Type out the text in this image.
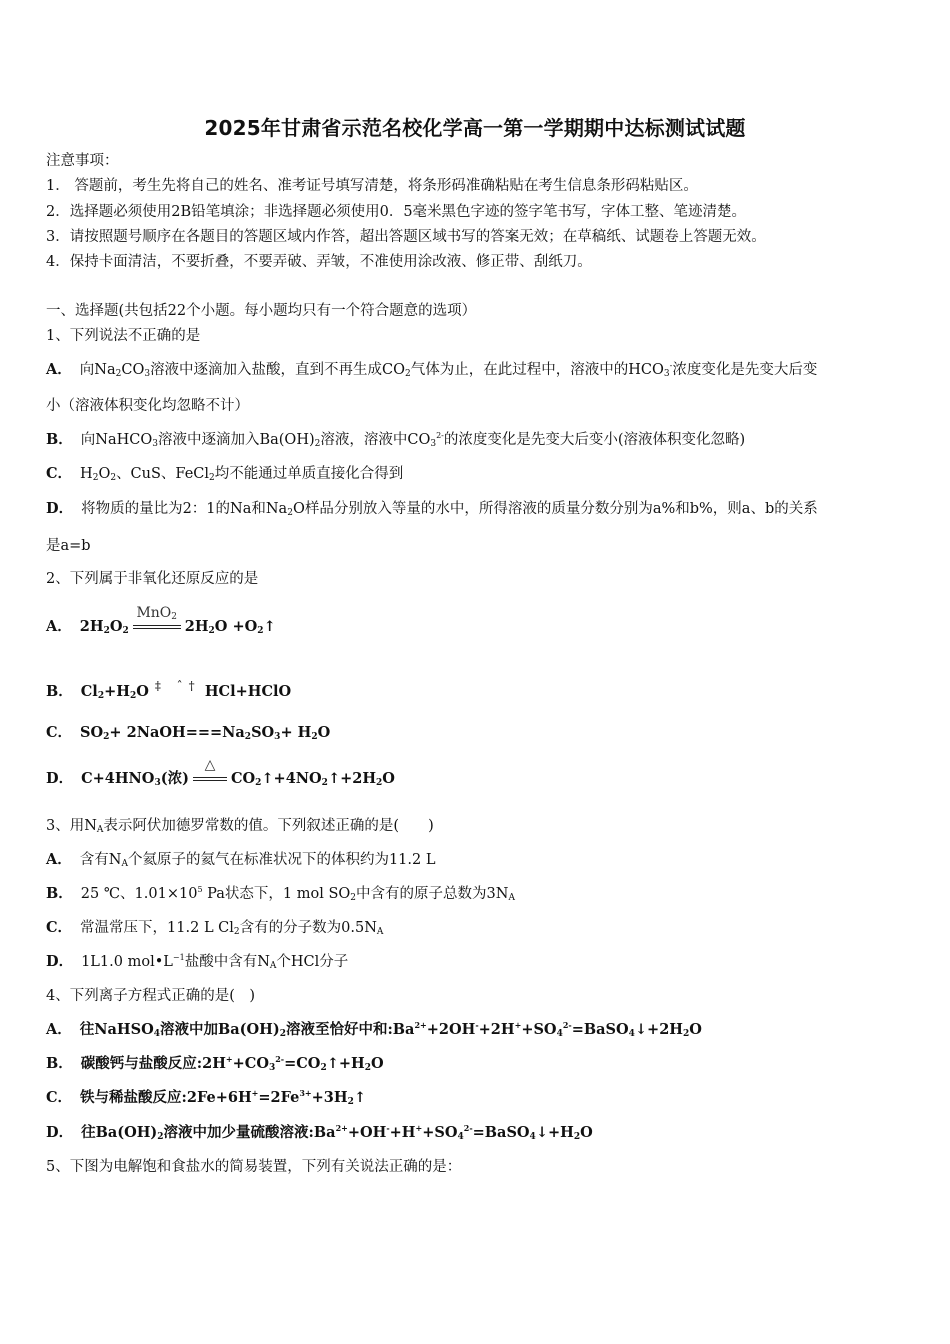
2025年甘肃省示范名校化学高一第一学期期中达标测试试题
注意事项：
1． 答题前，考生先将自己的姓名、准考证号填写清楚，将条形码准确粘贴在考生信息条形码粘贴区。
2．选择题必须使用2B铅笔填涂；非选择题必须使用0．5毫米黑色字迹的签字笔书写，字体工整、笔迹清楚。
3．请按照题号顺序在各题目的答题区域内作答，超出答题区域书写的答案无效；在草稿纸、试题卷上答题无效。
4．保持卡面清洁，不要折叠，不要弄破、弄皱，不准使用涂改液、修正带、刮纸刀。
一、选择题(共包括22个小题。每小题均只有一个符合题意的选项）
1、下列说法不正确的是
A． 向$Na_2CO_3$溶液中逐滴加入盐酸，直到不再生成$CO_2$气体为止，在此过程中，溶液中的$HCO_3^-$浓度变化是先变大后变
小（溶液体积变化均忽略不计）
B． 向NaHCO$_3$溶液中逐滴加入$Ba(OH)_2$溶液，溶液中$CO_3^{2-}$的浓度变化是先变大后变小(溶液体积变化忽略)
C． $H_2O_2$、CuS、FeCl$_2$均不能通过单质直接化合得到
D． 将物质的量比为2：1的Na和$Na_2O$样品分别放入等量的水中，所得溶液的质量分数分别为a%和b%，则a、b的关系
是a=b
2、下列属于非氧化还原反应的是
A． $2H_2O_2$
MnO$_2$
$2H_2O$ $+O_2↑$
B． $Cl_2+H_2O$ ‡ ˆ† HCl+HClO
C． $SO_2+$ $2NaOH===Na_2SO_3+ H_2O$
D． $C+4HNO_3$(浓)
△
$CO_2↑+4NO_2↑+2H_2O$
3、用$N_A$表示阿伏加德罗常数的值。下列叙述正确的是(　　)
A． 含有$N_A$个氦原子的氦气在标准状况下的体积约为11.2 L
B． 25 ℃、$1.01\times 10^5$ Pa状态下，1 mol $SO_2$中含有的原子总数为$3N_A$
C． 常温常压下，11.2 L $Cl_2$含有的分子数为$0.5N_A$
D． 1L1.0 $mol•L^{-1}$盐酸中含有$N_A$个HCl分子
4、下列离子方程式正确的是(　)
A． 往NaHSO$_4$溶液中加$Ba(OH)_2$溶液至恰好中和$:Ba^{2+}+2OH^-+2H^++SO_4^{2-}=BaSO_4↓+2H_2O$
B． 碳酸钙与盐酸反应$:2H^++CO_3^{2-}=CO_2↑+H_2O$
C． 铁与稀盐酸反应$:2Fe+6H^+=2Fe^{3+}+3H_2↑$
D． 往$Ba(OH)_2$溶液中加少量硫酸溶液$:Ba^{2+}+OH^-+H^++SO_4^{2-}=BaSO_4↓+H_2O$
5、下图为电解饱和食盐水的简易装置，下列有关说法正确的是：
